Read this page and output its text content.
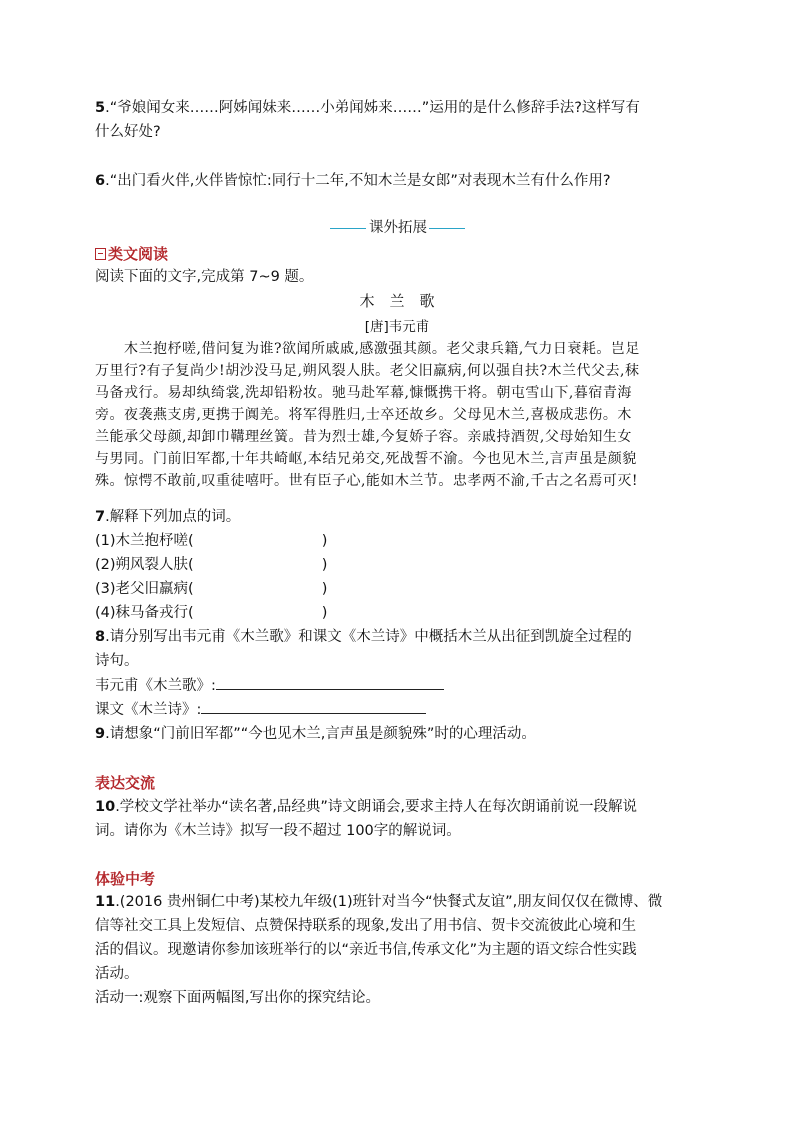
5.“爷娘闻女来……阿姊闻妹来……小弟闻姊来……”运用的是什么修辞手法?这样写有
什么好处?
6.“出门看火伴,火伴皆惊忙:同行十二年,不知木兰是女郎”对表现木兰有什么作用?
课外拓展
类文阅读
阅读下面的文字,完成第 7~9 题。
木　兰　歌
[唐]韦元甫
　　木兰抱杼嗟,借问复为谁?欲闻所戚戚,感激强其颜。老父隶兵籍,气力日衰耗。岂足
万里行?有子复尚少!胡沙没马足,朔风裂人肤。老父旧羸病,何以强自扶?木兰代父去,秣
马备戎行。易却纨绮裳,洗却铅粉妆。驰马赴军幕,慷慨携干将。朝屯雪山下,暮宿青海
旁。夜袭燕支虏,更携于阗羌。将军得胜归,士卒还故乡。父母见木兰,喜极成悲伤。木
兰能承父母颜,却卸巾鞲理丝簧。昔为烈士雄,今复娇子容。亲戚持酒贺,父母始知生女
与男同。门前旧军都,十年共崎岖,本结兄弟交,死战誓不渝。今也见木兰,言声虽是颜貌
殊。惊愕不敢前,叹重徒嘻吁。世有臣子心,能如木兰节。忠孝两不渝,千古之名焉可灭!
7.解释下列加点的词。
(1)木兰抱杼嗟(	)
(2)朔风裂人肤(	)
(3)老父旧羸病(	)
(4)秣马备戎行(	)
8.请分别写出韦元甫《木兰歌》和课文《木兰诗》中概括木兰从出征到凯旋全过程的
诗句。
韦元甫《木兰歌》:
课文《木兰诗》:
9.请想象“门前旧军都”“今也见木兰,言声虽是颜貌殊”时的心理活动。
表达交流
10.学校文学社举办“读名著,品经典”诗文朗诵会,要求主持人在每次朗诵前说一段解说
词。请你为《木兰诗》拟写一段不超过 100字的解说词。
体验中考
11.(2016 贵州铜仁中考)某校九年级(1)班针对当今“快餐式友谊”,朋友间仅仅在微博、微
信等社交工具上发短信、点赞保持联系的现象,发出了用书信、贺卡交流彼此心境和生
活的倡议。现邀请你参加该班举行的以“亲近书信,传承文化”为主题的语文综合性实践
活动。
活动一:观察下面两幅图,写出你的探究结论。
